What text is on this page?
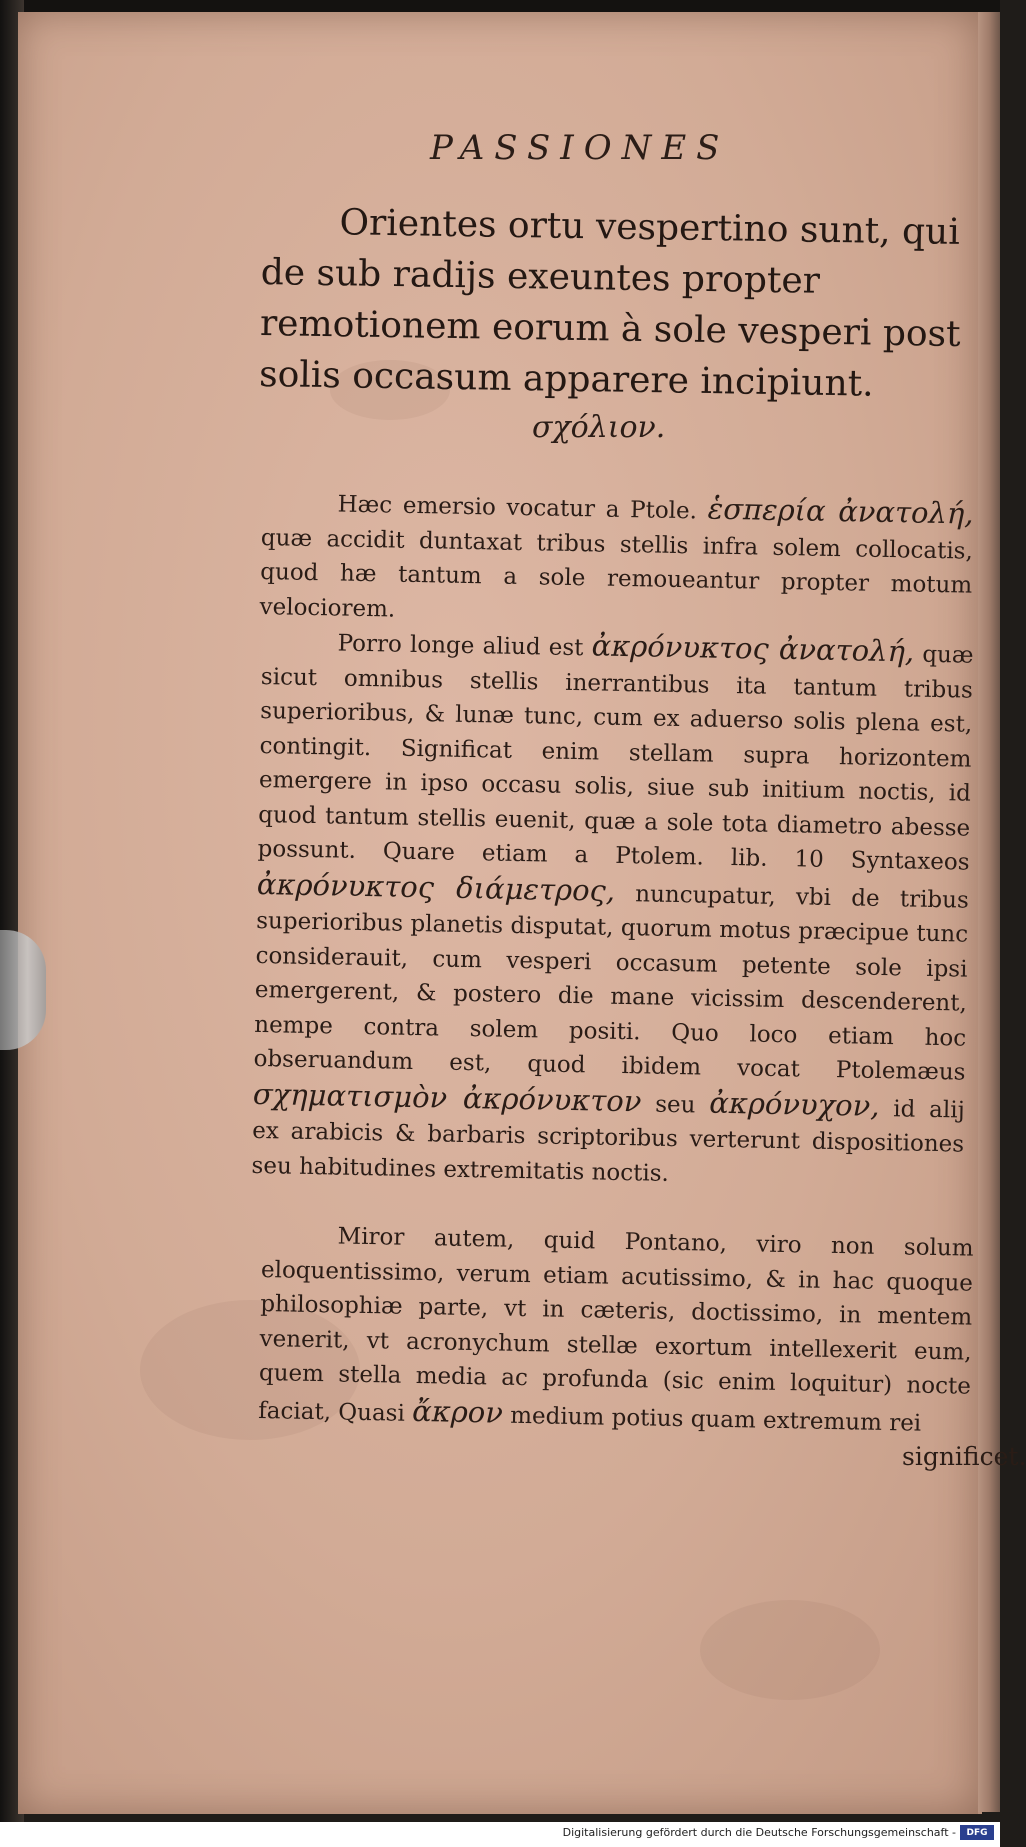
PASSIONES
Orientes ortu vespertino sunt, qui de sub radijs exeuntes propter remotionem eorum à sole vesperi post solis occasum apparere incipiunt.
σχόλιον.
Hæc emersio vocatur a Ptole. ἑσπερία ἀνατολή, quæ accidit duntaxat tribus stellis infra solem collocatis, quod hæ tantum a sole remoueantur propter motum velociorem.
Porro longe aliud est ἀκρόνυκτος ἀνατολή, quæ sicut omnibus stellis inerrantibus ita tantum tribus superioribus, & lunæ tunc, cum ex aduerso solis plena est, contingit. Significat enim stellam supra horizontem emergere in ipso occasu solis, siue sub initium noctis, id quod tantum stellis euenit, quæ a sole tota diametro abesse possunt. Quare etiam a Ptolem. lib. 10 Syntaxeos ἀκρόνυκτος διάμετρος, nuncupatur, vbi de tribus superioribus planetis disputat, quorum motus præcipue tunc considerauit, cum vesperi occasum petente sole ipsi emergerent, & postero die mane vicissim descenderent, nempe contra solem positi. Quo loco etiam hoc obseruandum est, quod ibidem vocat Ptolemæus σχηματισμὸν ἀκρόνυκτον seu ἀκρόνυχον, id alij ex arabicis & barbaris scriptoribus verterunt dispositiones seu habitudines extremitatis noctis.
Miror autem, quid Pontano, viro non solum eloquentissimo, verum etiam acutissimo, & in hac quoque philosophiæ parte, vt in cæteris, doctissimo, in mentem venerit, vt acronychum stellæ exortum intellexerit eum, quem stella media ac profunda (sic enim loquitur) nocte faciat, Quasi ἄκρον medium potius quam extremum rei
significet.
Digitalisierung gefördert durch die Deutsche Forschungsgemeinschaft -	DFG
